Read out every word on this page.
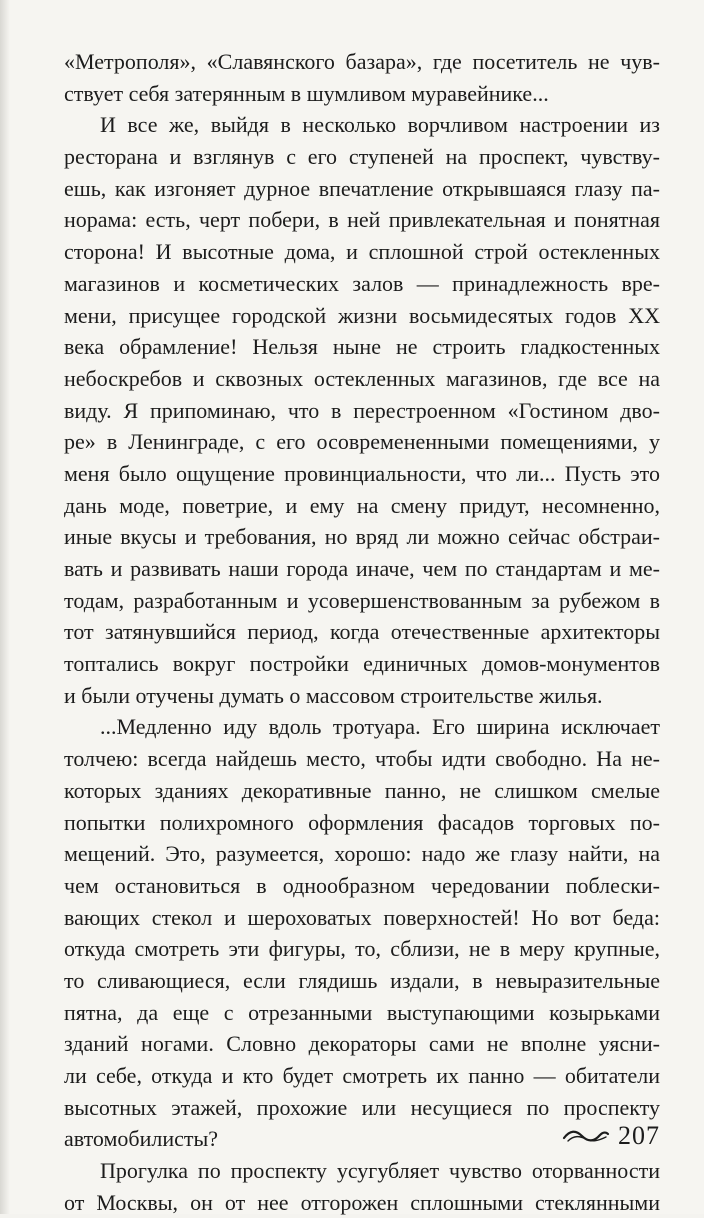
«Метрополя», «Славянского базара», где посетитель не чув-
ствует себя затерянным в шумливом муравейнике...
И все же, выйдя в несколько ворчливом настроении из
ресторана и взглянув с его ступеней на проспект, чувству-
ешь, как изгоняет дурное впечатление открывшаяся глазу па-
норама: есть, черт побери, в ней привлекательная и понятная
сторона! И высотные дома, и сплошной строй остекленных
магазинов и косметических залов — принадлежность вре-
мени, присущее городской жизни восьмидесятых годов XX
века обрамление! Нельзя ныне не строить гладкостенных
небоскребов и сквозных остекленных магазинов, где все на
виду. Я припоминаю, что в перестроенном «Гостином дво-
ре» в Ленинграде, с его осовремененными помещениями, у
меня было ощущение провинциальности, что ли... Пусть это
дань моде, поветрие, и ему на смену придут, несомненно,
иные вкусы и требования, но вряд ли можно сейчас обстраи-
вать и развивать наши города иначе, чем по стандартам и ме-
тодам, разработанным и усовершенствованным за рубежом в
тот затянувшийся период, когда отечественные архитекторы
топтались вокруг постройки единичных домов-монументов
и были отучены думать о массовом строительстве жилья.
...Медленно иду вдоль тротуара. Его ширина исключает
толчею: всегда найдешь место, чтобы идти свободно. На не-
которых зданиях декоративные панно, не слишком смелые
попытки полихромного оформления фасадов торговых по-
мещений. Это, разумеется, хорошо: надо же глазу найти, на
чем остановиться в однообразном чередовании поблески-
вающих стекол и шероховатых поверхностей! Но вот беда:
откуда смотреть эти фигуры, то, сблизи, не в меру крупные,
то сливающиеся, если глядишь издали, в невыразительные
пятна, да еще с отрезанными выступающими козырьками
зданий ногами. Словно декораторы сами не вполне уясни-
ли себе, откуда и кто будет смотреть их панно — обитатели
высотных этажей, прохожие или несущиеся по проспекту
автомобилисты?
Прогулка по проспекту усугубляет чувство оторванности
от Москвы, он от нее отгорожен сплошными стеклянными
207
